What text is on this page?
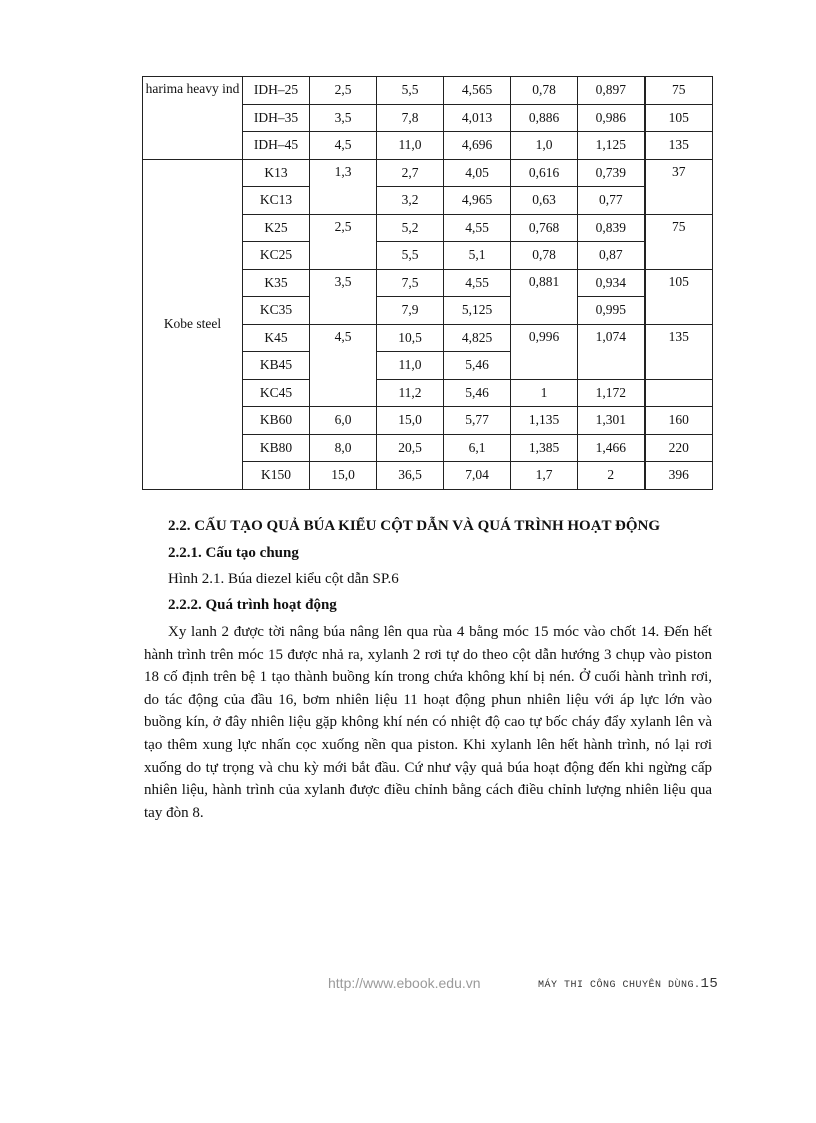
harima heavy ind	IDH–25	2,5	5,5	4,565	0,78	0,897	75
	IDH–35	3,5	7,8	4,013	0,886	0,986	105
	IDH–45	4,5	11,0	4,696	1,0	1,125	135
Kobe steel	K13	1,3	2,7	4,05	0,616	0,739	37
	KC13		3,2	4,965	0,63	0,77	
	K25	2,5	5,2	4,55	0,768	0,839	75
	KC25		5,5	5,1	0,78	0,87	
	K35	3,5	7,5	4,55	0,881	0,934	105
	KC35		7,9	5,125		0,995	
	K45	4,5	10,5	4,825	0,996	1,074	135
	KB45		11,0	5,46			
	KC45		11,2	5,46	1	1,172	
	KB60	6,0	15,0	5,77	1,135	1,301	160
	KB80	8,0	20,5	6,1	1,385	1,466	220
	K150	15,0	36,5	7,04	1,7	2	396
2.2. CẤU TẠO QUẢ BÚA KIỂU CỘT DẪN VÀ QUÁ TRÌNH HOẠT ĐỘNG
2.2.1. Cấu tạo chung
Hình 2.1. Búa diezel kiểu cột dẫn SP.6
2.2.2. Quá trình hoạt động

Xy lanh 2 được tời nâng búa nâng lên qua rùa 4 bằng móc 15 móc vào chốt 14. Đến hết hành trình trên móc 15 được nhả ra, xylanh 2 rơi tự do theo cột dẫn hướng 3 chụp vào piston 18 cố định trên bệ 1 tạo thành buồng kín trong chứa không khí bị nén. Ở cuối hành trình rơi, do tác động của đầu 16, bơm nhiên liệu 11 hoạt động phun nhiên liệu với áp lực lớn vào buồng kín, ở đây nhiên liệu gặp không khí nén có nhiệt độ cao tự bốc cháy đẩy xylanh lên và tạo thêm xung lực nhấn cọc xuống nền qua piston. Khi xylanh lên hết hành trình, nó lại rơi xuống do tự trọng và chu kỳ mới bắt đầu. Cứ như vậy quả búa hoạt động đến khi ngừng cấp nhiên liệu, hành trình của xylanh được điều chỉnh bằng cách điều chỉnh lượng nhiên liệu qua tay đòn 8.

http://www.ebook.edu.vn	MÁY THI CÔNG CHUYÊN DÙNG.15
